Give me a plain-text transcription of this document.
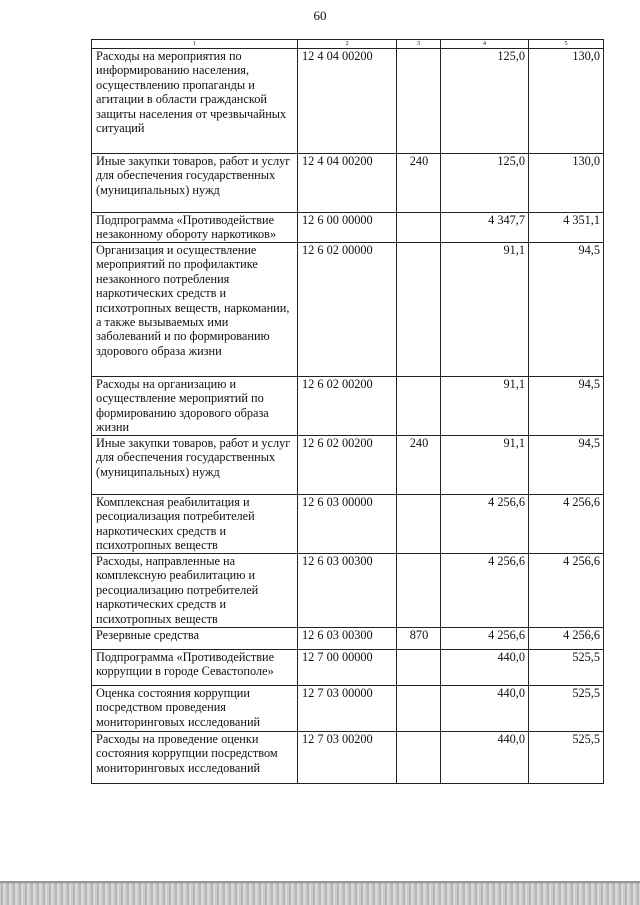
60
1	2	3	4	5
Расходы на мероприятия по информированию населения, осуществлению пропаганды и агитации в области гражданской защиты населения от чрезвычайных ситуаций	12 4 04 00200		125,0	130,0
Иные закупки товаров, работ и услуг для обеспечения государственных (муниципальных) нужд	12 4 04 00200	240	125,0	130,0
Подпрограмма «Противодействие незаконному обороту наркотиков»	12 6 00 00000		4 347,7	4 351,1
Организация и осуществление мероприятий по профилактике незаконного потребления наркотических средств и психотропных веществ, наркомании, а также вызываемых ими заболеваний и по формированию здорового образа жизни	12 6 02 00000		91,1	94,5
Расходы на организацию и осуществление мероприятий по формированию здорового образа жизни	12 6 02 00200		91,1	94,5
Иные закупки товаров, работ и услуг для обеспечения государственных (муниципальных) нужд	12 6 02 00200	240	91,1	94,5
Комплексная реабилитация и ресоциализация потребителей наркотических средств и психотропных веществ	12 6 03 00000		4 256,6	4 256,6
Расходы, направленные на комплексную реабилитацию и ресоциализацию потребителей наркотических средств и психотропных веществ	12 6 03 00300		4 256,6	4 256,6
Резервные средства	12 6 03 00300	870	4 256,6	4 256,6
Подпрограмма «Противодействие коррупции в городе Севастополе»	12 7 00 00000		440,0	525,5
Оценка состояния коррупции посредством проведения мониторинговых исследований	12 7 03 00000		440,0	525,5
Расходы на проведение оценки состояния коррупции посредством мониторинговых исследований	12 7 03 00200		440,0	525,5
